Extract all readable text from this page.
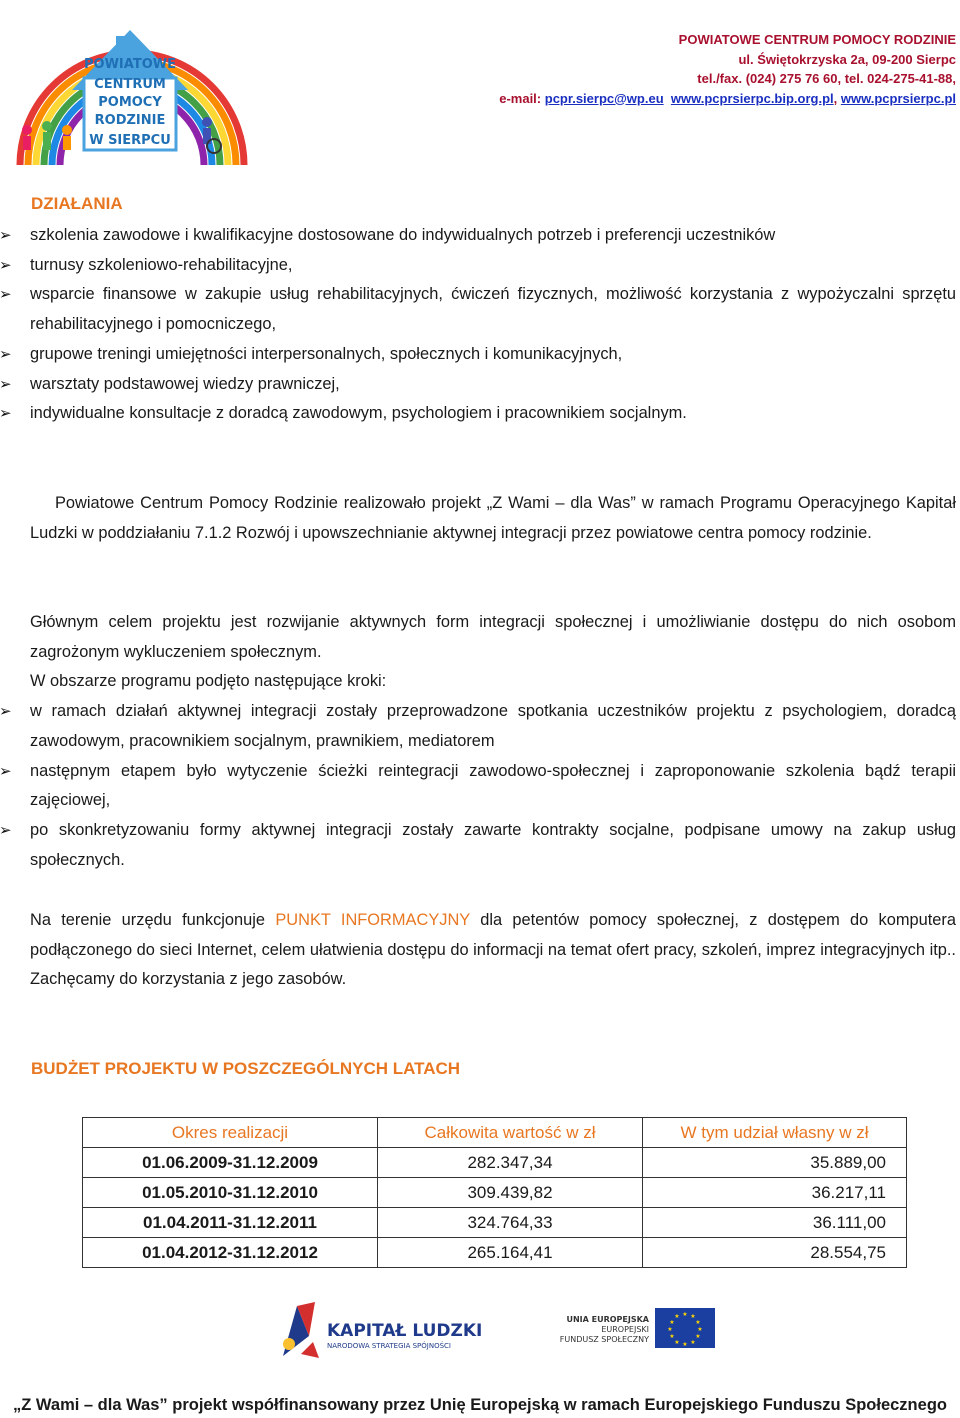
POWIATOWE
CENTRUM
POMOCY
RODZINIE
W SIERPCU
POWIATOWE CENTRUM POMOCY RODZINIE
ul. Świętokrzyska 2a, 09-200 Sierpc
tel./fax. (024) 275 76 60, tel. 024-275-41-88,
e-mail: pcpr.sierpc@wp.eu www.pcprsierpc.bip.org.pl, www.pcprsierpc.pl
DZIAŁANIA
➢ szkolenia zawodowe i kwalifikacyjne dostosowane do indywidualnych potrzeb i preferencji uczestników
➢ turnusy szkoleniowo-rehabilitacyjne,
➢ wsparcie finansowe w zakupie usług rehabilitacyjnych, ćwiczeń fizycznych, możliwość korzystania z wypożyczalni sprzętu rehabilitacyjnego i pomocniczego,
➢ grupowe treningi umiejętności interpersonalnych, społecznych i komunikacyjnych,
➢ warsztaty podstawowej wiedzy prawniczej,
➢ indywidualne konsultacje z doradcą zawodowym, psychologiem i pracownikiem socjalnym.
Powiatowe Centrum Pomocy Rodzinie realizowało projekt „Z Wami – dla Was” w ramach Programu Operacyjnego Kapitał Ludzki w poddziałaniu 7.1.2 Rozwój i upowszechnianie aktywnej integracji przez powiatowe centra pomocy rodzinie.
Głównym celem projektu jest rozwijanie aktywnych form integracji społecznej i umożliwianie dostępu do nich osobom zagrożonym wykluczeniem społecznym.
W obszarze programu podjęto następujące kroki:
➢ w ramach działań aktywnej integracji zostały przeprowadzone spotkania uczestników projektu z psychologiem, doradcą zawodowym, pracownikiem socjalnym, prawnikiem, mediatorem
➢ następnym etapem było wytyczenie ścieżki reintegracji zawodowo-społecznej i zaproponowanie szkolenia bądź terapii zajęciowej,
➢ po skonkretyzowaniu formy aktywnej integracji zostały zawarte kontrakty socjalne, podpisane umowy na zakup usług społecznych.
Na terenie urzędu funkcjonuje PUNKT INFORMACYJNY dla petentów pomocy społecznej, z dostępem do komputera podłączonego do sieci Internet, celem ułatwienia dostępu do informacji na temat ofert pracy, szkoleń, imprez integracyjnych itp.. Zachęcamy do korzystania z jego zasobów.
BUDŻET PROJEKTU W POSZCZEGÓLNYCH LATACH
Okres realizacji	Całkowita wartość w zł	W tym udział własny w zł
01.06.2009-31.12.2009	282.347,34	35.889,00
01.05.2010-31.12.2010	309.439,82	36.217,11
01.04.2011-31.12.2011	324.764,33	36.111,00
01.04.2012-31.12.2012	265.164,41	28.554,75
KAPITAŁ LUDZKI
NARODOWA STRATEGIA SPÓJNOŚCI
UNIA EUROPEJSKA
EUROPEJSKI
FUNDUSZ SPOŁECZNY
★ ★
★
★
★
★
★
★
★
★
★
★
„Z Wami – dla Was” projekt współfinansowany przez Unię Europejską w ramach Europejskiego Funduszu Społecznego
